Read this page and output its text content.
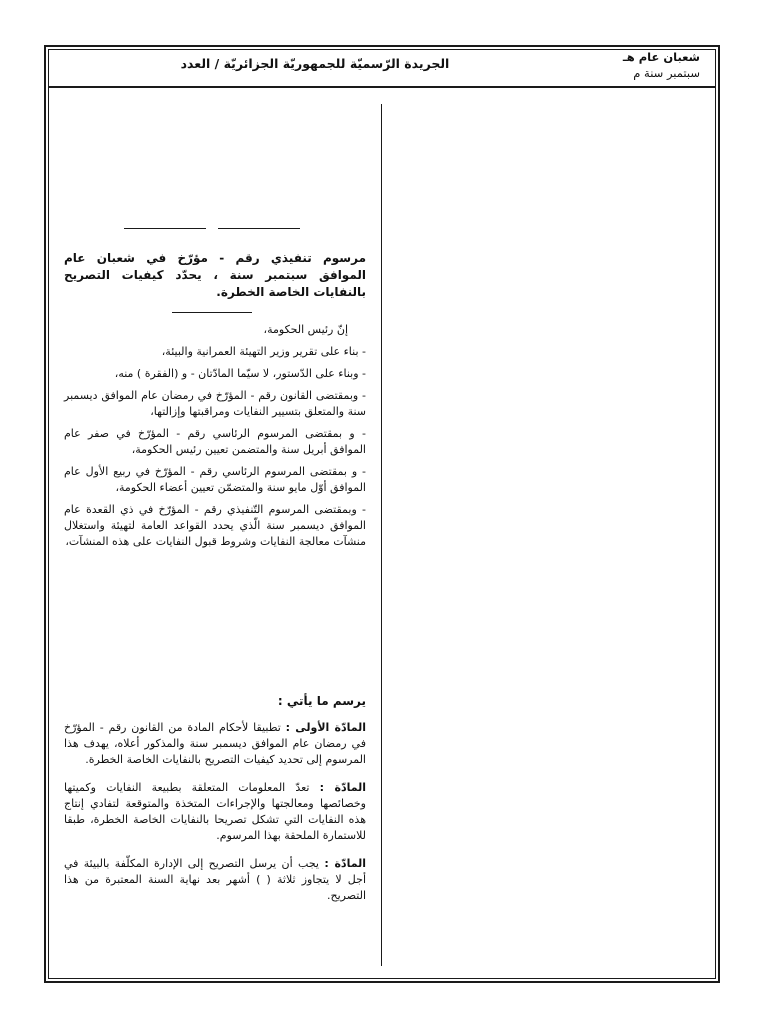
الجريدة الرّسميّة للجمهوريّة الجزائريّة / العدد	شعبان عام هـ
سبتمبر سنة م
مرسوم تنفيذي رقم - مؤرّخ في شعبان عام الموافق سبتمبر سنة ، يحدّد كيفيات التصريح بالنفايات الخاصة الخطرة.

إنّ رئيس الحكومة،

- بناء على تقرير وزير التهيئة العمرانية والبيئة،

- وبناء على الدّستور، لا سيّما المادّتان - و (الفقرة ) منه،

- وبمقتضى القانون رقم - المؤرّخ في رمضان عام الموافق ديسمبر سنة والمتعلق بتسيير النفايات ومراقبتها وإزالتها،

- و بمقتضى المرسوم الرئاسي رقم - المؤرّخ في صفر عام الموافق أبريل سنة والمتضمن تعيين رئيس الحكومة،

- و بمقتضى المرسوم الرئاسي رقم - المؤرّخ في ربيع الأول عام الموافق أوّل مايو سنة والمتضمّن تعيين أعضاء الحكومة،

- وبمقتضى المرسوم التّنفيذي رقم - المؤرّخ في ذي القعدة عام الموافق ديسمبر سنة الّذي يحدد القواعد العامة لتهيئة واستغلال منشآت معالجة النفايات وشروط قبول النفايات على هذه المنشآت،

يرسم ما يأتي :

المادّة الأولى : تطبيقا لأحكام المادة من القانون رقم - المؤرّخ في رمضان عام الموافق ديسمبر سنة والمذكور أعلاه، يهدف هذا المرسوم إلى تحديد كيفيات التصريح بالنفايات الخاصة الخطرة.

المادّة : تعدّ المعلومات المتعلقة بطبيعة النفايات وكميتها وخصائصها ومعالجتها والإجراءات المتخذة والمتوقعة لتفادي إنتاج هذه النفايات التي تشكل تصريحا بالنفايات الخاصة الخطرة، طبقا للاستمارة الملحقة بهذا المرسوم.

المادّة : يجب أن يرسل التصريح إلى الإدارة المكلّفة بالبيئة في أجل لا يتجاوز ثلاثة ( ) أشهر بعد نهاية السنة المعتبرة من هذا التصريح.
